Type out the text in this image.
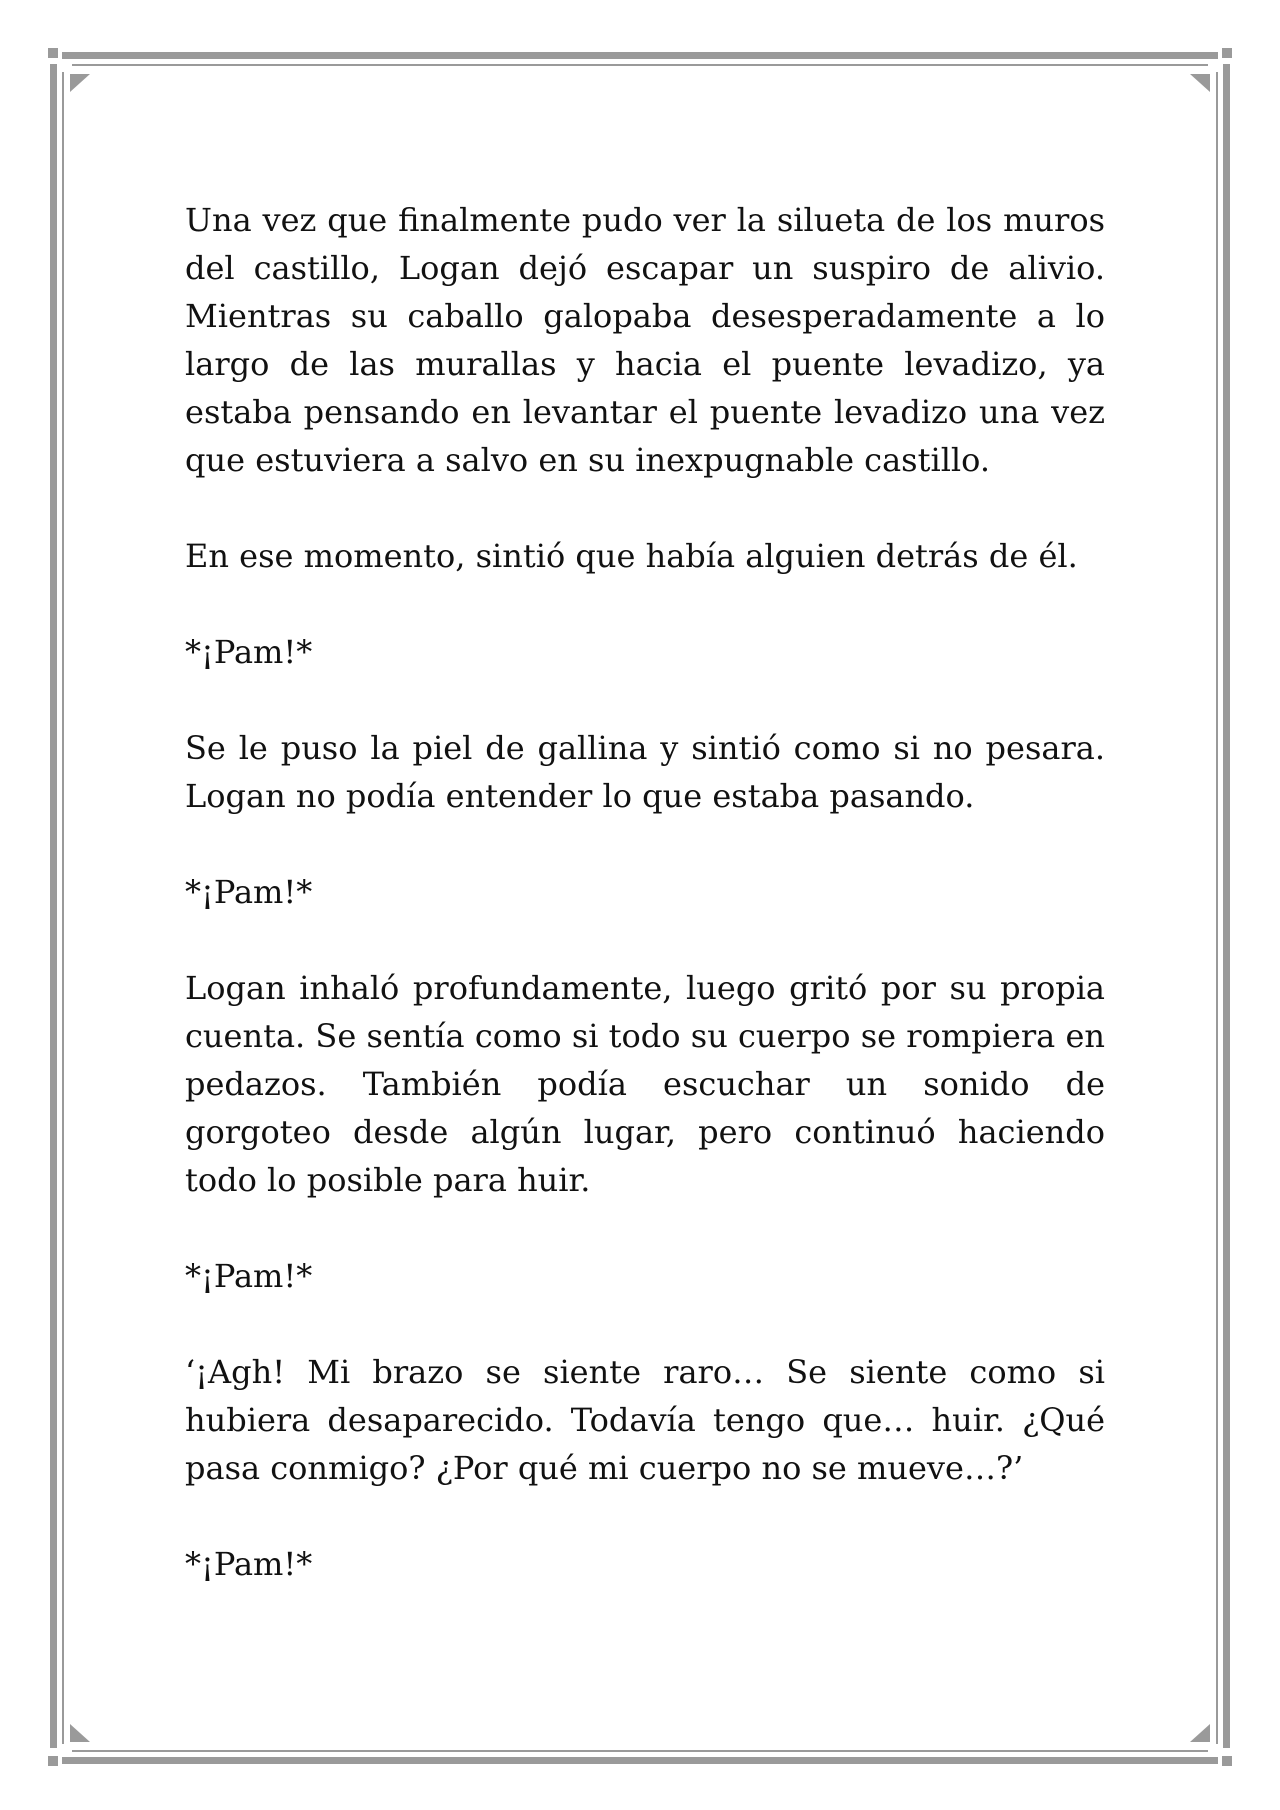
Una vez que finalmente pudo ver la silueta de los muros del castillo, Logan dejó escapar un suspiro de alivio. Mientras su caballo galopaba desesperadamente a lo largo de las murallas y hacia el puente levadizo, ya estaba pensando en levantar el puente levadizo una vez que estuviera a salvo en su inexpugnable castillo.

En ese momento, sintió que había alguien detrás de él.

*¡Pam!*

Se le puso la piel de gallina y sintió como si no pesara. Logan no podía entender lo que estaba pasando.

*¡Pam!*

Logan inhaló profundamente, luego gritó por su propia cuenta. Se sentía como si todo su cuerpo se rompiera en pedazos. También podía escuchar un sonido de gorgoteo desde algún lugar, pero continuó haciendo todo lo posible para huir.

*¡Pam!*

‘¡Agh! Mi brazo se siente raro… Se siente como si hubiera desaparecido. Todavía tengo que… huir. ¿Qué pasa conmigo? ¿Por qué mi cuerpo no se mueve…?’

*¡Pam!*
